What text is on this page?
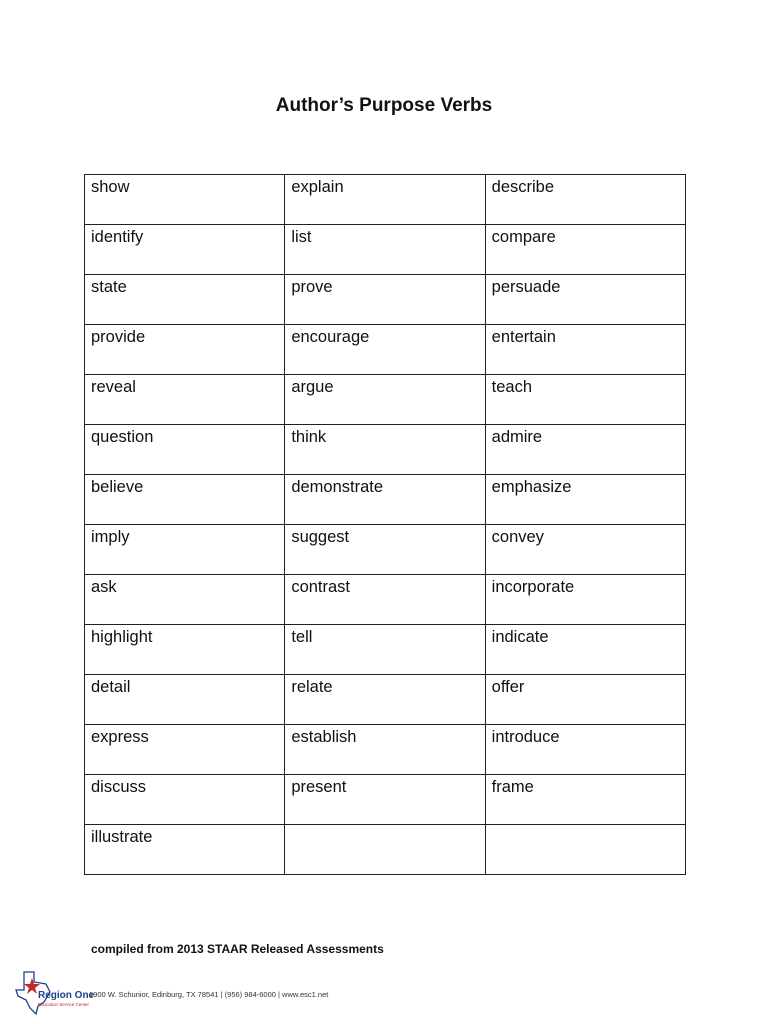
Author’s Purpose Verbs
show	explain	describe
identify	list	compare
state	prove	persuade
provide	encourage	entertain
reveal	argue	teach
question	think	admire
believe	demonstrate	emphasize
imply	suggest	convey
ask	contrast	incorporate
highlight	tell	indicate
detail	relate	offer
express	establish	introduce
discuss	present	frame
illustrate		
compiled from 2013 STAAR Released Assessments
Region One
Education Service Center
1900 W. Schunior, Edinburg, TX 78541 | (956) 984-6000 | www.esc1.net
